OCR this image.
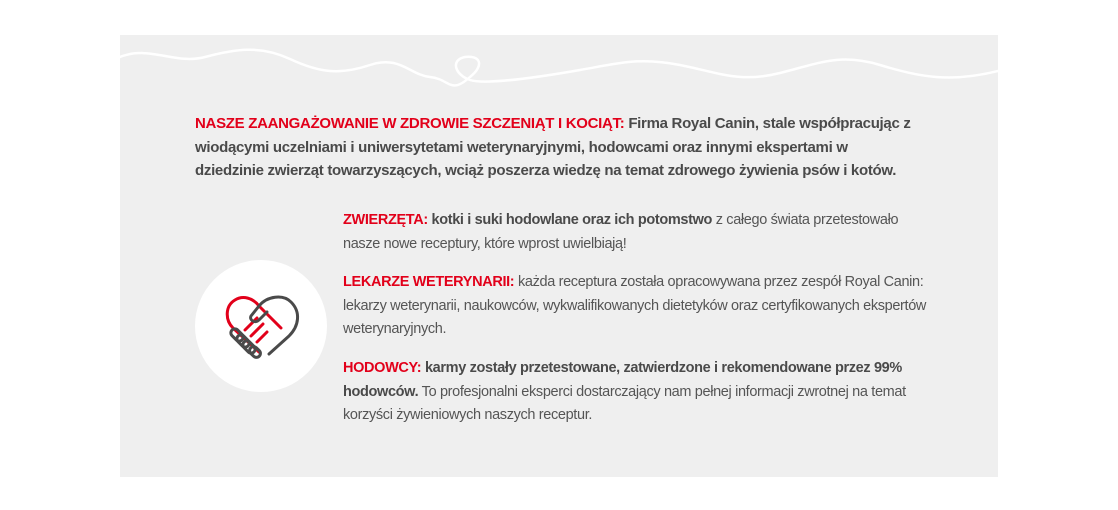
NASZE ZAANGAŻOWANIE W ZDROWIE SZCZENIĄT I KOCIĄT: Firma Royal Canin, stale współpracując z wiodącymi uczelniami i uniwersytetami weterynaryjnymi, hodowcami oraz innymi ekspertami w dziedzinie zwierząt towarzyszących, wciąż poszerza wiedzę na temat zdrowego żywienia psów i kotów.
ZWIERZĘTA: kotki i suki hodowlane oraz ich potomstwo z całego świata przetestowało nasze nowe receptury, które wprost uwielbiają!
LEKARZE WETERYNARII: każda receptura została opracowywana przez zespół Royal Canin: lekarzy weterynarii, naukowców, wykwalifikowanych dietetyków oraz certyfikowanych ekspertów weterynaryjnych.
HODOWCY: karmy zostały przetestowane, zatwierdzone i rekomendowane przez 99% hodowców. To profesjonalni eksperci dostarczający nam pełnej informacji zwrotnej na temat korzyści żywieniowych naszych receptur.
